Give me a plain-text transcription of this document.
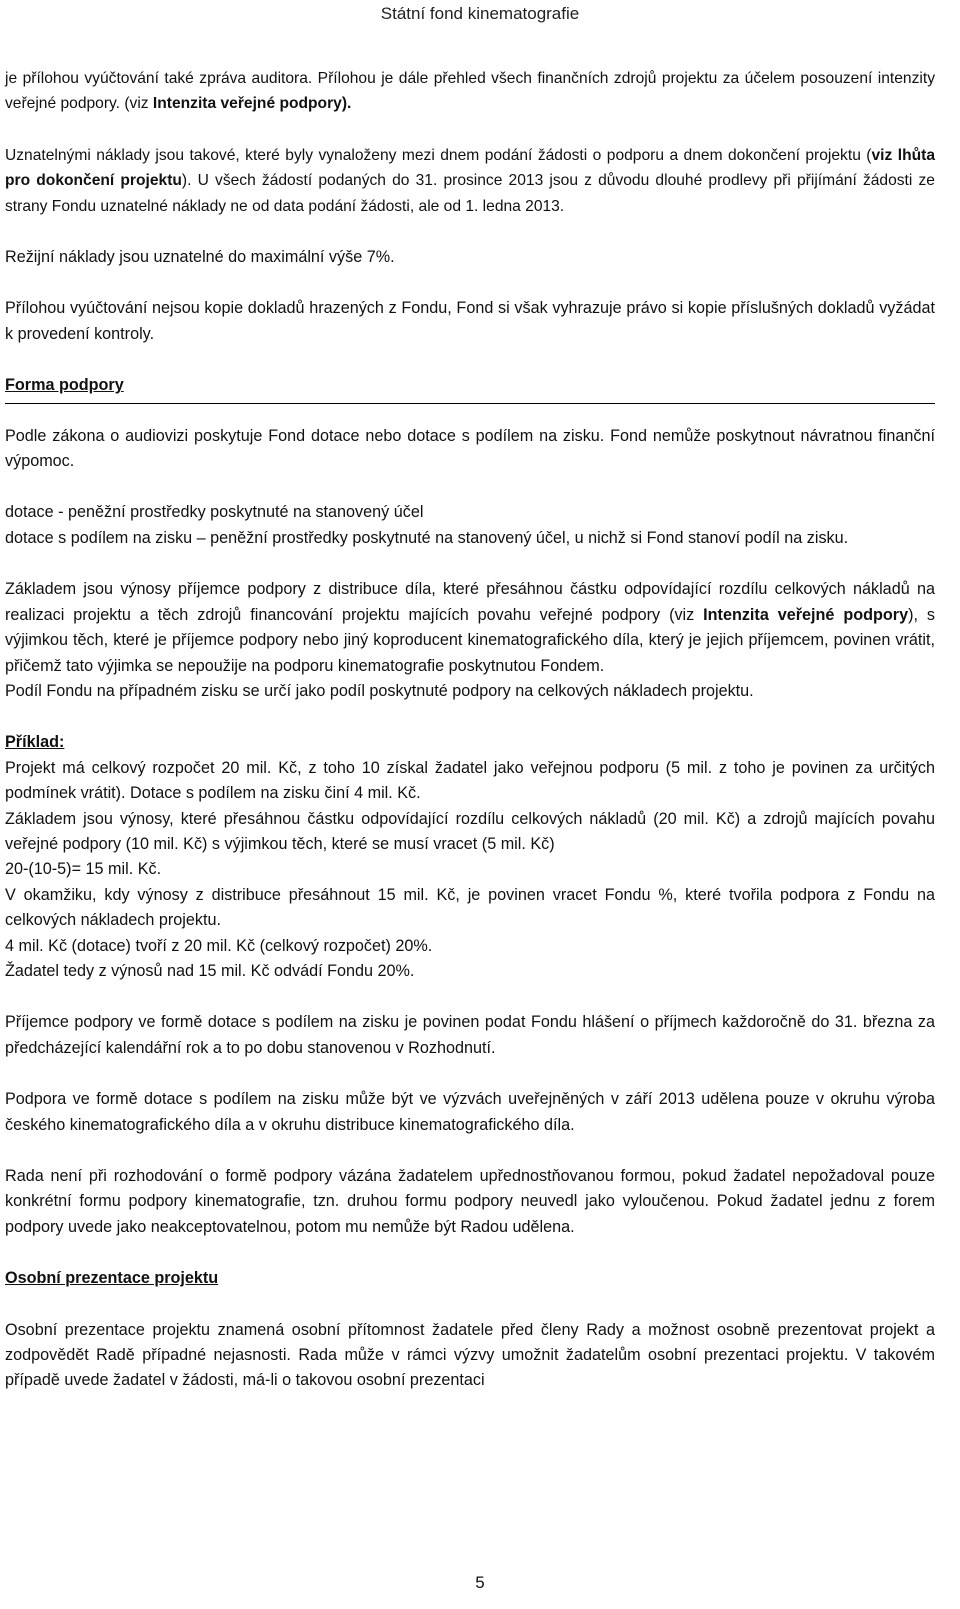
Státní fond kinematografie

je přílohou vyúčtování také zpráva auditora. Přílohou je dále přehled všech finančních zdrojů projektu za účelem posouzení intenzity veřejné podpory. (viz Intenzita veřejné podpory).

Uznatelnými náklady jsou takové, které byly vynaloženy mezi dnem podání žádosti o podporu a dnem dokončení projektu (viz lhůta pro dokončení projektu). U všech žádostí podaných do 31. prosince 2013 jsou z důvodu dlouhé prodlevy při přijímání žádosti ze strany Fondu uznatelné náklady ne od data podání žádosti, ale od 1. ledna 2013.

Režijní náklady jsou uznatelné do maximální výše 7%.

Přílohou vyúčtování nejsou kopie dokladů hrazených z Fondu, Fond si však vyhrazuje právo si kopie příslušných dokladů vyžádat k provedení kontroly.

Forma podpory

Podle zákona o audiovizi poskytuje Fond dotace nebo dotace s podílem na zisku. Fond nemůže poskytnout návratnou finanční výpomoc.

dotace - peněžní prostředky poskytnuté na stanovený účel
dotace s podílem na zisku – peněžní prostředky poskytnuté na stanovený účel, u nichž si Fond stanoví podíl na zisku.

Základem jsou výnosy příjemce podpory z distribuce díla, které přesáhnou částku odpovídající rozdílu celkových nákladů na realizaci projektu a těch zdrojů financování projektu majících povahu veřejné podpory (viz Intenzita veřejné podpory), s výjimkou těch, které je příjemce podpory nebo jiný koproducent kinematografického díla, který je jejich příjemcem, povinen vrátit, přičemž tato výjimka se nepoužije na podporu kinematografie poskytnutou Fondem.

Podíl Fondu na případném zisku se určí jako podíl poskytnuté podpory na celkových nákladech projektu.

Příklad:

Projekt má celkový rozpočet 20 mil. Kč, z toho 10 získal žadatel jako veřejnou podporu (5 mil. z toho je povinen za určitých podmínek vrátit). Dotace s podílem na zisku činí 4 mil. Kč.
Základem jsou výnosy, které přesáhnou částku odpovídající rozdílu celkových nákladů (20 mil. Kč) a zdrojů majících povahu veřejné podpory (10 mil. Kč) s výjimkou těch, které se musí vracet (5 mil. Kč)
20-(10-5)= 15 mil. Kč.
V okamžiku, kdy výnosy z distribuce přesáhnout 15 mil. Kč, je povinen vracet Fondu %, které tvořila podpora z Fondu na celkových nákladech projektu.
4 mil. Kč (dotace) tvoří z 20 mil. Kč (celkový rozpočet) 20%.
Žadatel tedy z výnosů nad 15 mil. Kč odvádí Fondu 20%.

Příjemce podpory ve formě dotace s podílem na zisku je povinen podat Fondu hlášení o příjmech každoročně do 31. března za předcházející kalendářní rok a to po dobu stanovenou v Rozhodnutí.

Podpora ve formě dotace s podílem na zisku může být ve výzvách uveřejněných v září 2013 udělena pouze v okruhu výroba českého kinematografického díla a v okruhu distribuce kinematografického díla.

Rada není při rozhodování o formě podpory vázána žadatelem upřednostňovanou formou, pokud žadatel nepožadoval pouze konkrétní formu podpory kinematografie, tzn. druhou formu podpory neuvedl jako vyloučenou. Pokud žadatel jednu z forem podpory uvede jako neakceptovatelnou, potom mu nemůže být Radou udělena.

Osobní prezentace projektu

Osobní prezentace projektu znamená osobní přítomnost žadatele před členy Rady a možnost osobně prezentovat projekt a zodpovědět Radě případné nejasnosti. Rada může v rámci výzvy umožnit žadatelům osobní prezentaci projektu. V takovém případě uvede žadatel v žádosti, má-li o takovou osobní prezentaci

5
